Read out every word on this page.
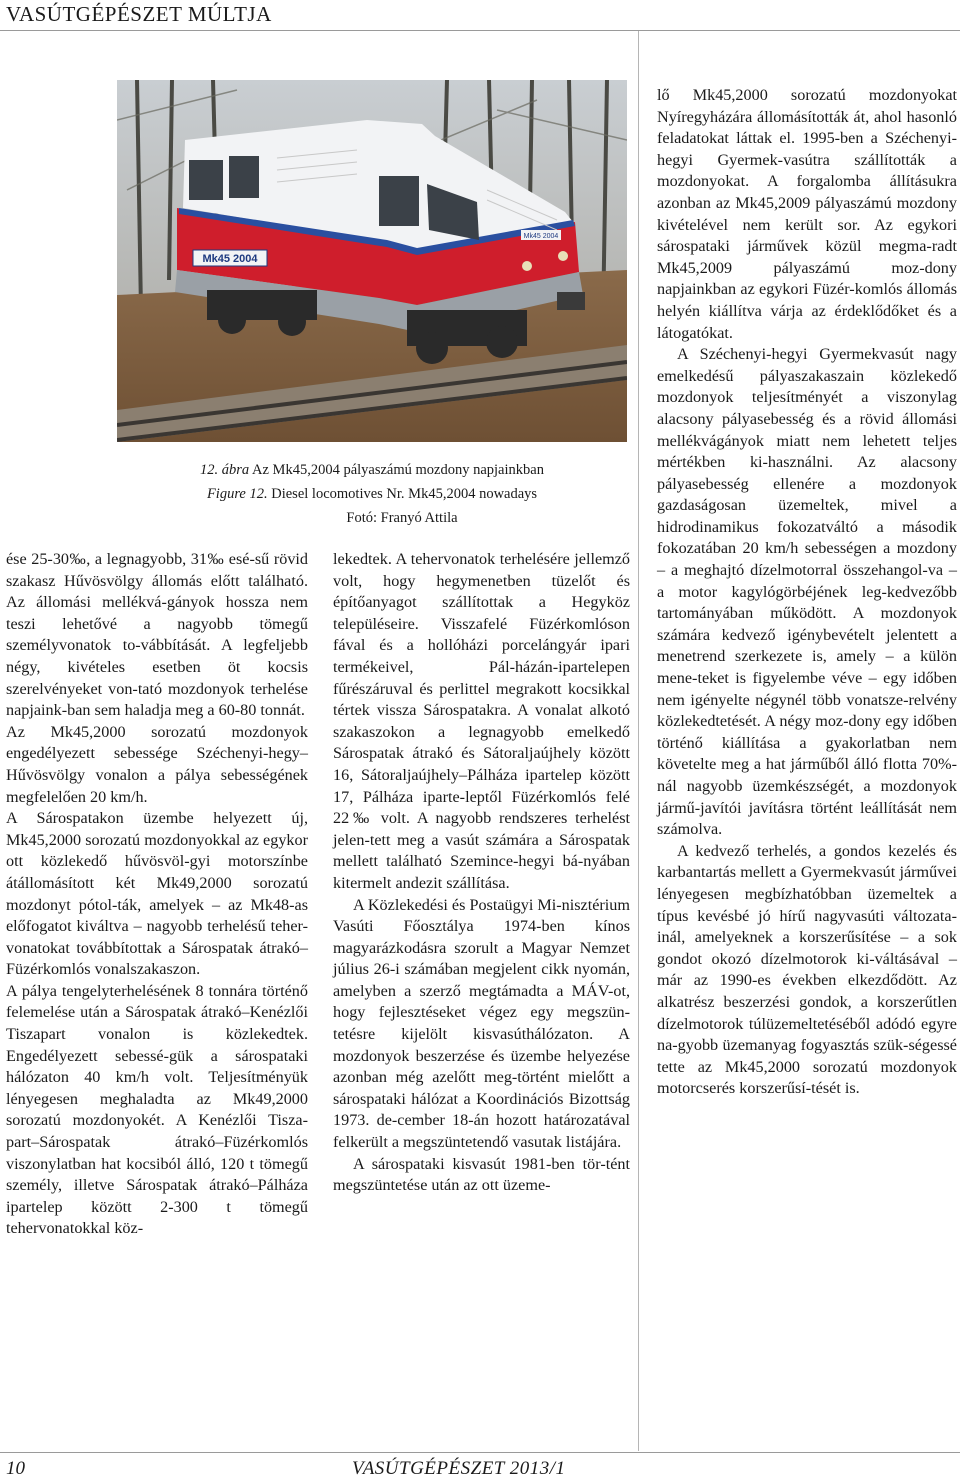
VASÚTGÉPÉSZET MÚLTJA
Mk45 2004
Mk45 2004
12. ábra Az Mk45,2004 pályaszámú mozdony napjainkban
Figure 12. Diesel locomotives Nr. Mk45,2004 nowadays
Fotó: Franyó Attila

ése 25-30‰, a legnagyobb, 31‰ esé-sű rövid szakasz Hűvösvölgy állomás előtt található. Az állomási mellékvá-gányok hossza nem teszi lehetővé a nagyobb tömegű személyvonatok to-vábbítását. A legfeljebb négy, kivételes esetben öt kocsis szerelvényeket von-tató mozdonyok terhelése napjaink-ban sem haladja meg a 60-80 tonnát.

Az Mk45,2000 sorozatú mozdonyok engedélyezett sebessége Széchenyi-hegy–Hűvösvölgy vonalon a pálya sebességének megfelelően 20 km/h.

A Sárospatakon üzembe helyezett új, Mk45,2000 sorozatú mozdonyokkal az egykor ott közlekedő hűvösvöl-gyi motorszínbe átállomásított két Mk49,2000 sorozatú mozdonyt pótol-ták, amelyek – az Mk48-as előfogatot kiváltva – nagyobb terhelésű teher-vonatokat továbbítottak a Sárospatak átrakó–Füzérkomlós vonalszakaszon.

A pálya tengelyterhelésének 8 tonnára történő felemelése után a Sárospatak átrakó–Kenézlői Tiszapart vonalon is közlekedtek. Engedélyezett sebessé-gük a sárospataki hálózaton 40 km/h volt. Teljesítményük lényegesen meghaladta az Mk49,2000 sorozatú mozdonyokét. A Kenézlői Tisza-part–Sárospatak átrakó–Füzérkomlós viszonylatban hat kocsiból álló, 120 t tömegű személy, illetve Sárospatak átrakó–Pálháza ipartelep között 2-300 t tömegű tehervonatokkal köz-

lekedtek. A tehervonatok terhelésére jellemző volt, hogy hegymenetben tüzelőt és építőanyagot szállítottak a Hegyköz településeire. Visszafelé Füzérkomlóson fával és a hollóházi porcelángyár ipari termékeivel, Pál-házán-ipartelepen fűrészáruval és perlittel megrakott kocsikkal tértek vissza Sárospatakra. A vonalat alkotó szakaszokon a legnagyobb emelkedő Sárospatak átrakó és Sátoraljaújhely között 16, Sátoraljaújhely–Pálháza ipartelep között 17, Pálháza iparte-leptől Füzérkomlós felé 22‰ volt. A nagyobb rendszeres terhelést jelen-tett meg a vasút számára a Sárospatak mellett található Szemince-hegyi bá-nyában kitermelt andezit szállítása.

A Közlekedési és Postaügyi Mi-nisztérium Vasúti Főosztálya 1974-ben kínos magyarázkodásra szorult a Magyar Nemzet július 26-i számában megjelent cikk nyomán, amelyben a szerző megtámadta a MÁV-ot, hogy fejlesztéseket végez egy megszün-tetésre kijelölt kisvasúthálózaton. A mozdonyok beszerzése és üzembe helyezése azonban még azelőtt meg-történt mielőtt a sárospataki hálózat a Koordinációs Bizottság 1973. de-cember 18-án hozott határozatával felkerült a megszüntetendő vasutak listájára.

A sárospataki kisvasút 1981-ben tör-tént megszüntetése után az ott üzeme-

lő Mk45,2000 sorozatú mozdonyokat Nyíregyházára állomásították át, ahol hasonló feladatokat láttak el. 1995-ben a Széchenyi-hegyi Gyermek-vasútra szállították a mozdonyokat. A forgalomba állításukra azonban az Mk45,2009 pályaszámú mozdony kivételével nem került sor. Az egykori sárospataki járművek közül megma-radt Mk45,2009 pályaszámú moz-dony napjainkban az egykori Füzér-komlós állomás helyén kiállítva várja az érdeklődőket és a látogatókat.

A Széchenyi-hegyi Gyermekvasút nagy emelkedésű pályaszakaszain közlekedő mozdonyok teljesítményét a viszonylag alacsony pályasebesség és a rövid állomási mellékvágányok miatt nem lehetett teljes mértékben ki-használni. Az alacsony pályasebesség ellenére a mozdonyok gazdaságosan üzemeltek, mivel a hidrodinamikus fokozatváltó a második fokozatában 20 km/h sebességen a mozdony – a meghajtó dízelmotorral összehangol-va – a motor kagylógörbéjének leg-kedvezőbb tartományában működött. A mozdonyok számára kedvező igénybevételt jelentett a menetrend szerkezete is, amely – a külön mene-teket is figyelembe véve – egy időben nem igényelte négynél több vonatsze-relvény közlekedtetését. A négy moz-dony egy időben történő kiállítása a gyakorlatban nem követelte meg a hat járműből álló flotta 70%-nál nagyobb üzemkészségét, a mozdonyok jármű-javítói javításra történt leállítását nem számolva.

A kedvező terhelés, a gondos kezelés és karbantartás mellett a Gyermekvasút járművei lényegesen megbízhatóbban üzemeltek a típus kevésbé jó hírű nagyvasúti változata-inál, amelyeknek a korszerűsítése – a sok gondot okozó dízelmotorok ki-váltásával – már az 1990-es években elkezdődött. Az alkatrész beszerzési gondok, a korszerűtlen dízelmotorok túlüzemeltetéséből adódó egyre na-gyobb üzemanyag fogyasztás szük-ségessé tette az Mk45,2000 sorozatú mozdonyok motorcserés korszerűsí-tését is.

10	VASÚTGÉPÉSZET 2013/1
